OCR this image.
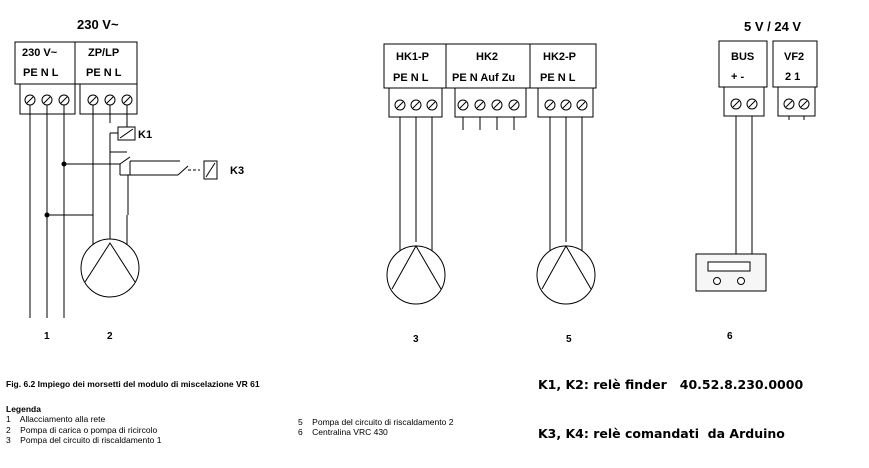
230 V~	5 V / 24 V
230 V~
PE N L
ZP/LP
PE N L
K1
K3
HK1-P
PE N L
HK2
PE N Auf Zu
HK2-P
PE N L
BUS
+ -
VF2
2 1
1	2	3	5	6
Fig. 6.2 Impiego dei morsetti del modulo di miscelazione VR 61
Legenda
1    Allacciamento alla rete
2    Pompa di carica o pompa di ricircolo
3    Pompa del circuito di riscaldamento 1
5    Pompa del circuito di riscaldamento 2
6    Centralina VRC 430
K1, K2: relè finder   40.52.8.230.0000
K3, K4: relè comandati  da Arduino
